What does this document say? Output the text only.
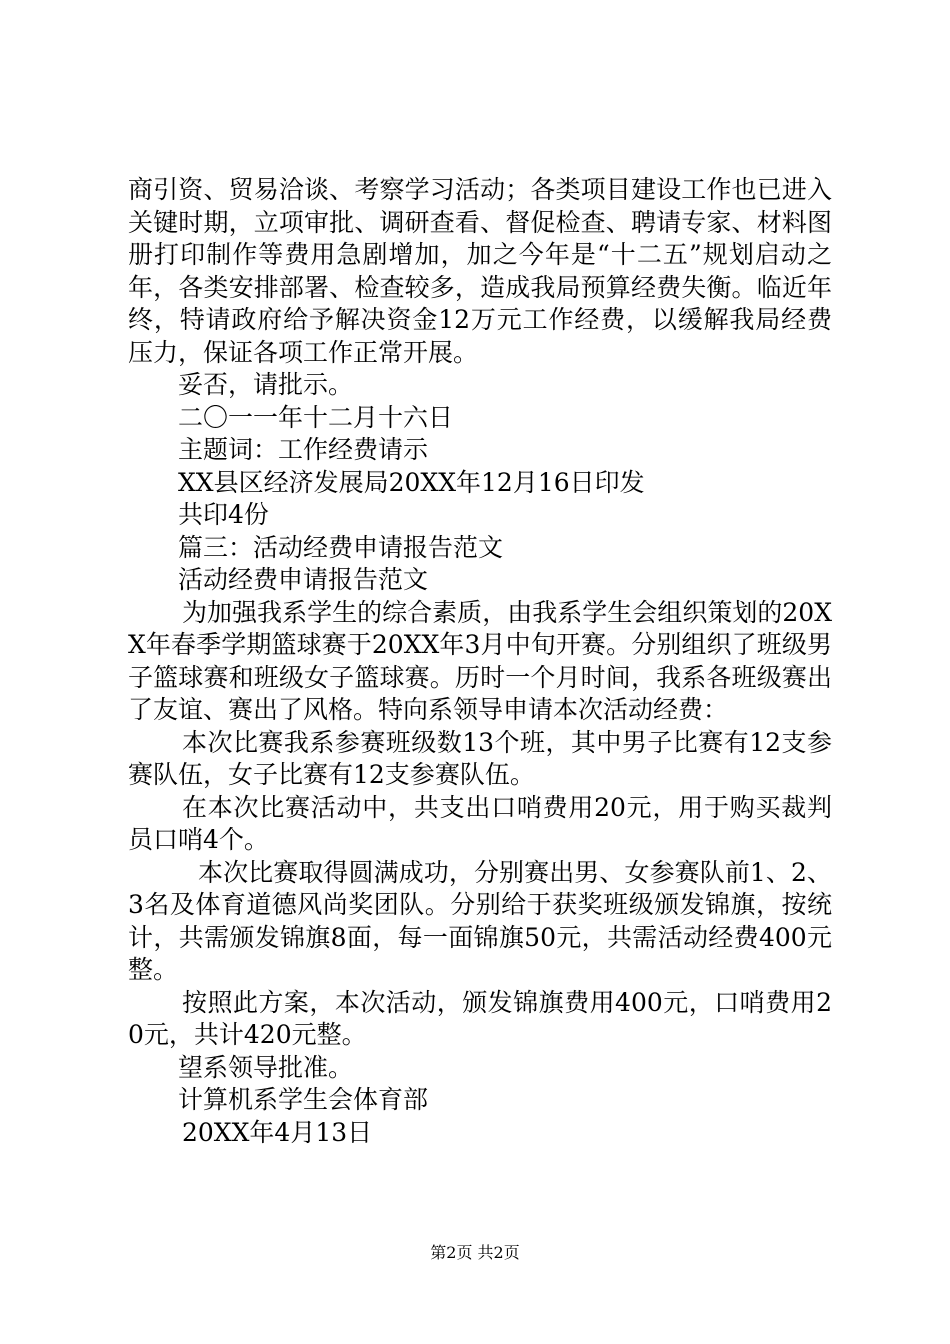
商引资、贸易洽谈、考察学习活动；各类项目建设工作也已进入关键时期，立项审批、调研查看、督促检查、聘请专家、材料图册打印制作等费用急剧增加，加之今年是“十二五”规划启动之年，各类安排部署、检查较多，造成我局预算经费失衡。临近年终，特请政府给予解决资金12万元工作经费，以缓解我局经费压力，保证各项工作正常开展。

妥否，请批示。

二〇一一年十二月十六日

主题词：工作经费请示

XX县区经济发展局20XX年12月16日印发

共印4份

篇三：活动经费申请报告范文

活动经费申请报告范文

为加强我系学生的综合素质，由我系学生会组织策划的20XX年春季学期篮球赛于20XX年3月中旬开赛。分别组织了班级男子篮球赛和班级女子篮球赛。历时一个月时间，我系各班级赛出了友谊、赛出了风格。特向系领导申请本次活动经费：

本次比赛我系参赛班级数13个班，其中男子比赛有12支参赛队伍，女子比赛有12支参赛队伍。

在本次比赛活动中，共支出口哨费用20元，用于购买裁判员口哨4个。

本次比赛取得圆满成功，分别赛出男、女参赛队前1、2、3名及体育道德风尚奖团队。分别给于获奖班级颁发锦旗，按统计，共需颁发锦旗8面，每一面锦旗50元，共需活动经费400元整。

按照此方案，本次活动，颁发锦旗费用400元，口哨费用20元，共计420元整。

望系领导批准。

计算机系学生会体育部

20XX年4月13日

第2页 共2页
